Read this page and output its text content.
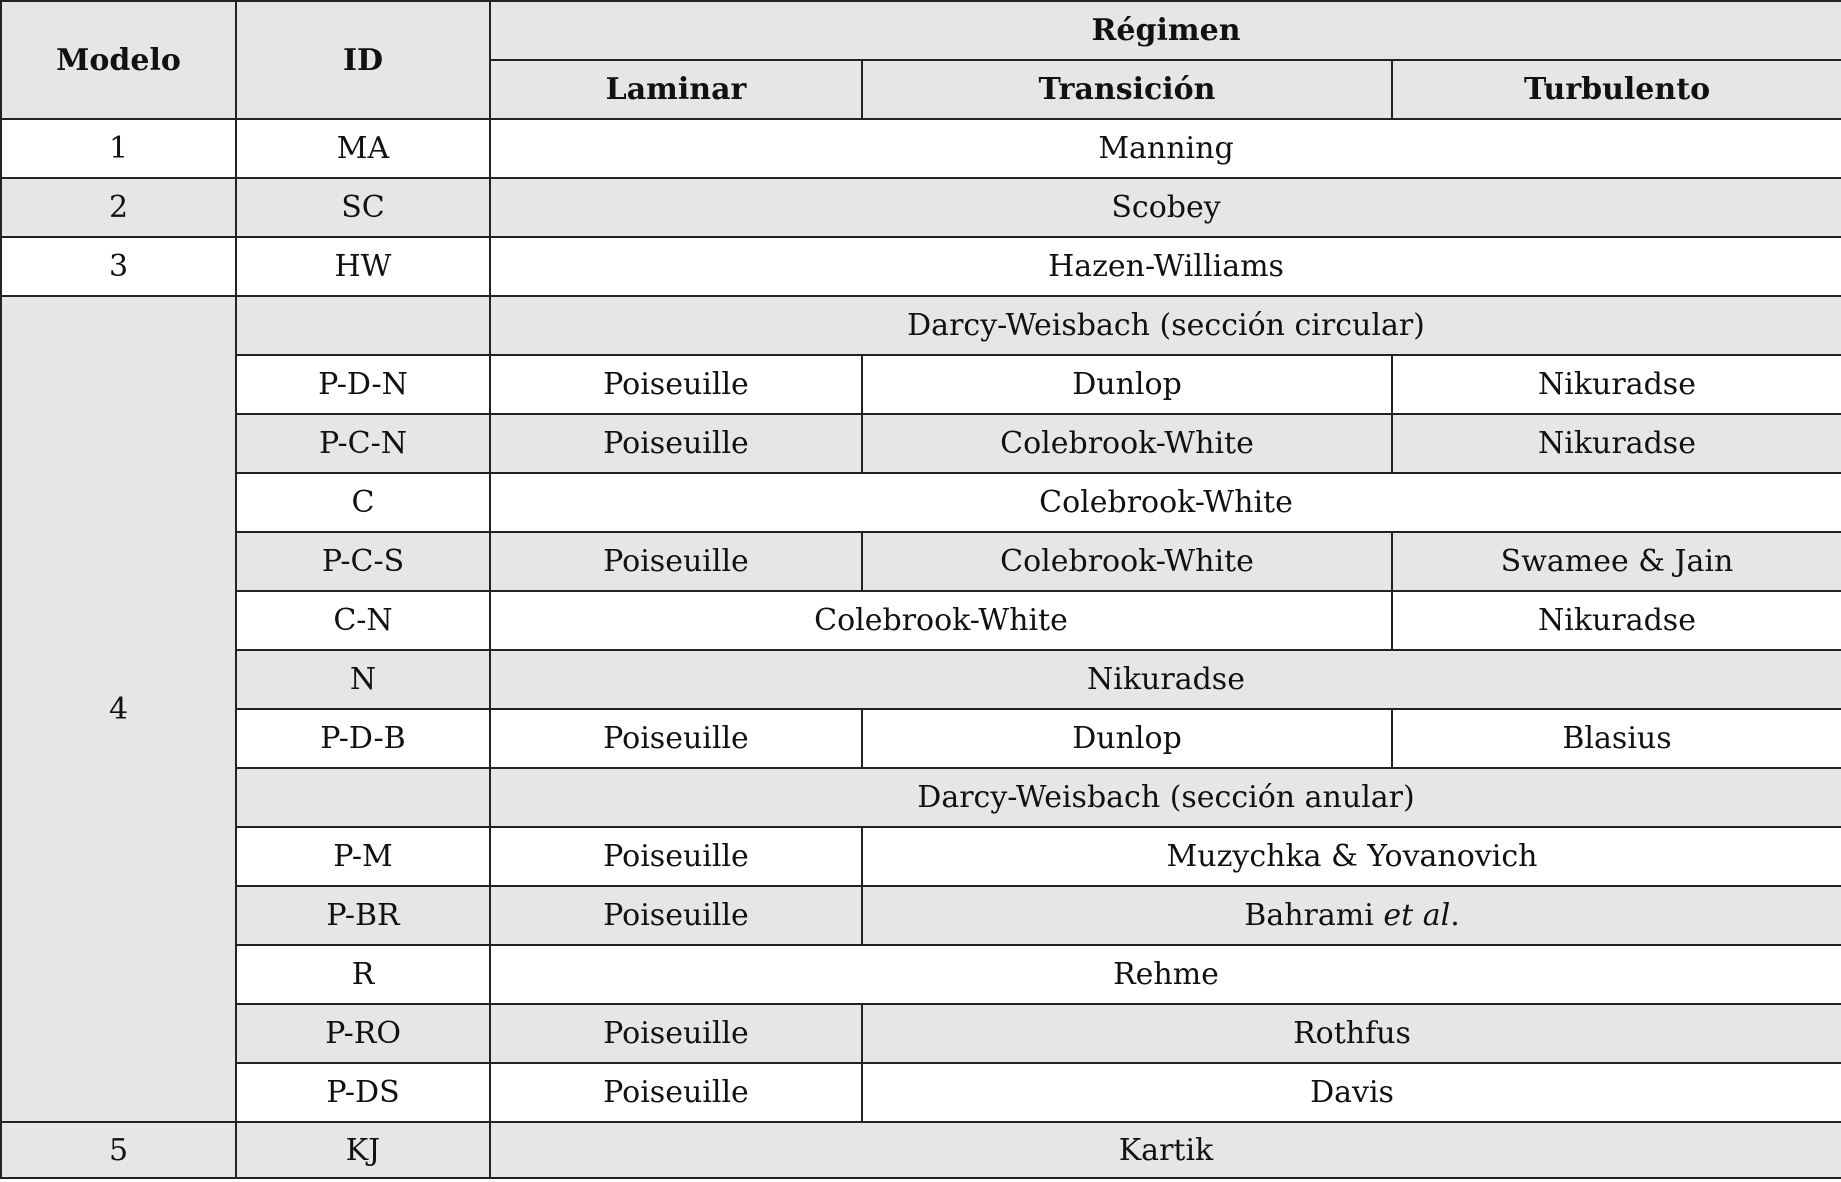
Modelo	ID	Régimen		
		Laminar	Transición	Turbulento
1	MA	Manning		
2	SC	Scobey		
3	HW	Hazen-Williams		
4		Darcy-Weisbach (sección circular)		
	P-D-N	Poiseuille	Dunlop	Nikuradse
	P-C-N	Poiseuille	Colebrook-White	Nikuradse
	C	Colebrook-White		
	P-C-S	Poiseuille	Colebrook-White	Swamee & Jain
	C-N	Colebrook-White		Nikuradse
	N	Nikuradse		
	P-D-B	Poiseuille	Dunlop	Blasius
		Darcy-Weisbach (sección anular)		
	P-M	Poiseuille	Muzychka & Yovanovich	
	P-BR	Poiseuille	Bahrami et al.	
	R	Rehme		
	P-RO	Poiseuille	Rothfus	
	P-DS	Poiseuille	Davis	
5	KJ	Kartik		
